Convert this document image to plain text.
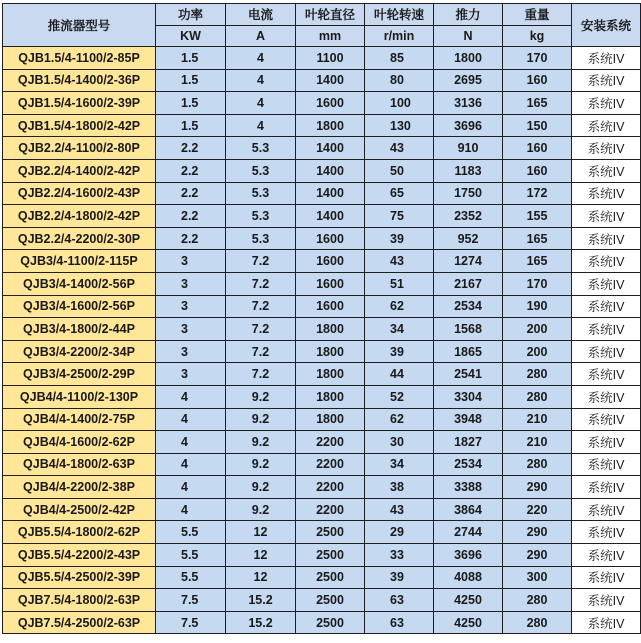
推流器型号	功率	电流	叶轮直径	叶轮转速	推力	重量	安装系统
	KW	A	mm	r/min	N	kg	
QJB1.5/4-1100/2-85P	1.5	4	1100	85	1800	170	系统IV
QJB1.5/4-1400/2-36P	1.5	4	1400	80	2695	160	系统IV
QJB1.5/4-1600/2-39P	1.5	4	1600	100	3136	165	系统IV
QJB1.5/4-1800/2-42P	1.5	4	1800	130	3696	150	系统IV
QJB2.2/4-1100/2-80P	2.2	5.3	1400	43	910	160	系统IV
QJB2.2/4-1400/2-42P	2.2	5.3	1400	50	1183	160	系统IV
QJB2.2/4-1600/2-43P	2.2	5.3	1400	65	1750	172	系统IV
QJB2.2/4-1800/2-42P	2.2	5.3	1400	75	2352	155	系统IV
QJB2.2/4-2200/2-30P	2.2	5.3	1600	39	952	165	系统IV
QJB3/4-1100/2-115P	3	7.2	1600	43	1274	165	系统IV
QJB3/4-1400/2-56P	3	7.2	1600	51	2167	170	系统IV
QJB3/4-1600/2-56P	3	7.2	1600	62	2534	190	系统IV
QJB3/4-1800/2-44P	3	7.2	1800	34	1568	200	系统IV
QJB3/4-2200/2-34P	3	7.2	1800	39	1865	200	系统IV
QJB3/4-2500/2-29P	3	7.2	1800	44	2541	280	系统IV
QJB4/4-1100/2-130P	4	9.2	1800	52	3304	280	系统IV
QJB4/4-1400/2-75P	4	9.2	1800	62	3948	210	系统IV
QJB4/4-1600/2-62P	4	9.2	2200	30	1827	210	系统IV
QJB4/4-1800/2-63P	4	9.2	2200	34	2534	280	系统IV
QJB4/4-2200/2-38P	4	9.2	2200	38	3388	290	系统IV
QJB4/4-2500/2-42P	4	9.2	2200	43	3864	220	系统IV
QJB5.5/4-1800/2-62P	5.5	12	2500	29	2744	290	系统IV
QJB5.5/4-2200/2-43P	5.5	12	2500	33	3696	290	系统IV
QJB5.5/4-2500/2-39P	5.5	12	2500	39	4088	300	系统IV
QJB7.5/4-1800/2-63P	7.5	15.2	2500	63	4250	280	系统IV
QJB7.5/4-2500/2-63P	7.5	15.2	2500	63	4250	280	系统IV
